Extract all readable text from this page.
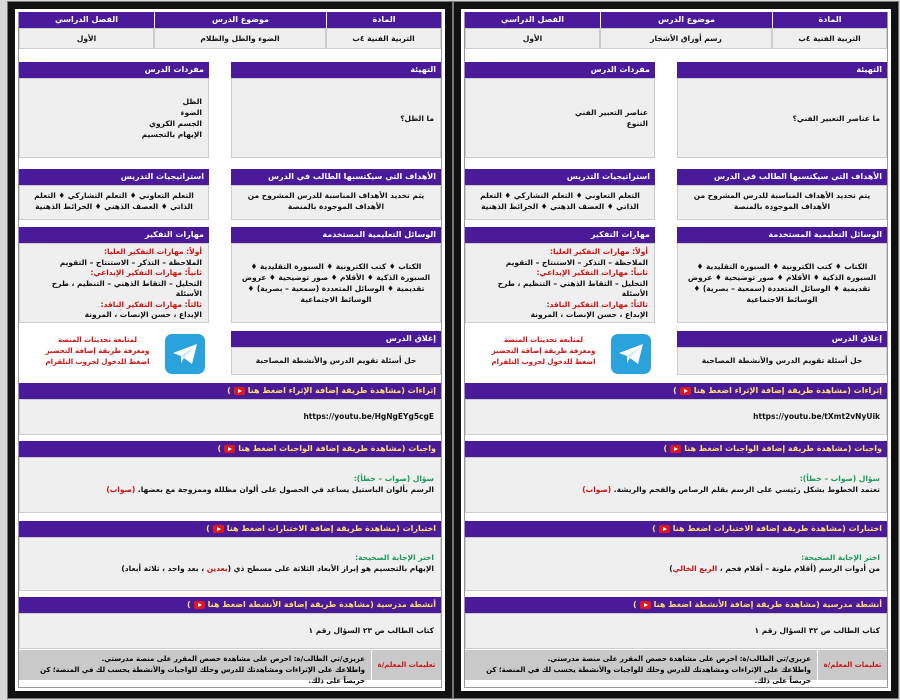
المادة
موضوع الدرس
الفصل الدراسي
التربية الفنية ٤ب
الضوء والظل والظلام
الأول
التهيئة
ما الظل؟
مفردات الدرس
الظل
الضوء
الجسم الكروي
الإيهام بالتجسيم
الأهداف التي سيكتسبها الطالب في الدرس
يتم تحديد الأهداف المناسبة للدرس المشروح من الأهداف الموجودة بالمنصة
استراتيجيات التدريس
التعلم التعاوني ♦ التعلم التشاركي ♦ التعلم الذاتي ♦ العصف الذهني ♦ الخرائط الذهنية
الوسائل التعليمية المستخدمة
الكتاب ♦ كتب الكترونية ♦ السبورة التقليدية ♦ السبورة الذكية ♦ الأقلام ♦ صور توضيحية ♦ عروض تقديمية ♦ الوسائل المتعددة (سمعية – بصرية) ♦ الوسائط الاجتماعية
مهارات التفكير
أولاً: مهارات التفكير العليا:
الملاحظة – التذكر – الاستنتاج – التقويم
ثانياً: مهارات التفكير الإبداعي:
التحليل – التقاط الذهني – التنظيم ، طرح الأسئلة
ثالثاً: مهارات التفكير الناقد:
الإبداع ، حسن الإنصات ، المرونة
إغلاق الدرس
حل أسئلة تقويم الدرس والأنشطة المصاحبة
لمتابعة تحديثات المنصة ومعرفة طريقة إضافة التحضير اضغط للدخول لجروب التلقرام
إثراءات (مشاهدة طريقة إضافة الإثراء اضغط هنا)
https://youtu.be/HgNgEYg5cgE
واجبات (مشاهدة طريقة إضافة الواجبات اضغط هنا)
سؤال (صواب – خطأ):
الرسم بألوان الباستيل يساعد في الحصول على ألوان مظللة وممزوجة مع بعضها. (صواب)
اختبارات (مشاهدة طريقة إضافة الاختبارات اضغط هنا)
اختر الإجابة الصحيحة:
الإيهام بالتجسيم هو إبراز الأبعاد الثلاثة على مسطح ذي (بعدين ، بعد واحد ، ثلاثة أبعاد)
أنشطة مدرسية (مشاهدة طريقة إضافة الأنشطة اضغط هنا)
كتاب الطالب ص ٢٣ السؤال رقم ١
تعليمات المعلم/ة
عزيزي/تي الطالب/ة: احرص على مشاهدة حصص المقرر على منصة مدرستي.
واطلاعك على الإثراءات ومشاهدتك للدرس وحلك للواجبات والأنشطة يحسب لك في المنصة؛ كن حريصاً على ذلك.
المادة
موضوع الدرس
الفصل الدراسي
التربية الفنية ٤ب
رسم أوراق الأشجار
الأول
التهيئة
ما عناصر التعبير الفني؟
مفردات الدرس
عناصر التعبير الفني
التنوع
الأهداف التي سيكتسبها الطالب في الدرس
يتم تحديد الأهداف المناسبة للدرس المشروح من الأهداف الموجودة بالمنصة
استراتيجيات التدريس
التعلم التعاوني ♦ التعلم التشاركي ♦ التعلم الذاتي ♦ العصف الذهني ♦ الخرائط الذهنية
الوسائل التعليمية المستخدمة
الكتاب ♦ كتب الكترونية ♦ السبورة التقليدية ♦ السبورة الذكية ♦ الأقلام ♦ صور توضيحية ♦ عروض تقديمية ♦ الوسائل المتعددة (سمعية – بصرية) ♦ الوسائط الاجتماعية
مهارات التفكير
أولاً: مهارات التفكير العليا:
الملاحظة – التذكر – الاستنتاج – التقويم
ثانياً: مهارات التفكير الإبداعي:
التحليل – التقاط الذهني – التنظيم ، طرح الأسئلة
ثالثاً: مهارات التفكير الناقد:
الإبداع ، حسن الإنصات ، المرونة
إغلاق الدرس
حل أسئلة تقويم الدرس والأنشطة المصاحبة
لمتابعة تحديثات المنصة ومعرفة طريقة إضافة التحضير اضغط للدخول لجروب التلقرام
إثراءات (مشاهدة طريقة إضافة الإثراء اضغط هنا)
https://youtu.be/tXmt2vNyUik
واجبات (مشاهدة طريقة إضافة الواجبات اضغط هنا)
سؤال (صواب – خطأ):
تعتمد الخطوط بشكل رئيسي على الرسم بقلم الرصاص والفحم والريشة. (صواب)
اختبارات (مشاهدة طريقة إضافة الاختبارات اضغط هنا)
اختر الإجابة الصحيحة:
من أدوات الرسم (أقلام ملونة – أقلام فحم ، الربع الخالي)
أنشطة مدرسية (مشاهدة طريقة إضافة الأنشطة اضغط هنا)
كتاب الطالب ص ٣٢ السؤال رقم ١
تعليمات المعلم/ة
عزيزي/تي الطالب/ة: احرص على مشاهدة حصص المقرر على منصة مدرستي.
واطلاعك على الإثراءات ومشاهدتك للدرس وحلك للواجبات والأنشطة يحسب لك في المنصة؛ كن حريصاً على ذلك.
